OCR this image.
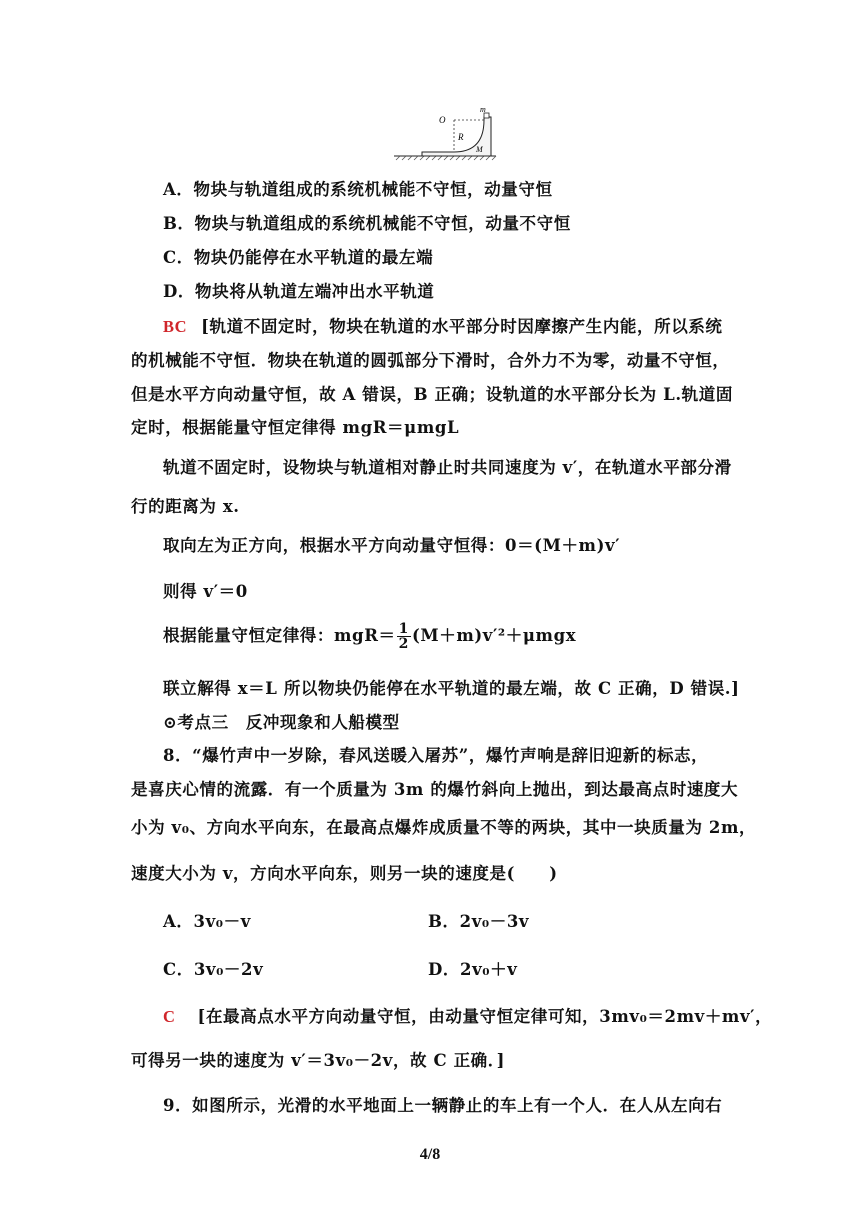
O
m
R
M
A．物块与轨道组成的系统机械能不守恒，动量守恒
B．物块与轨道组成的系统机械能不守恒，动量不守恒
C．物块仍能停在水平轨道的最左端
D．物块将从轨道左端冲出水平轨道
BC [轨道不固定时，物块在轨道的水平部分时因摩擦产生内能，所以系统
的机械能不守恒．物块在轨道的圆弧部分下滑时，合外力不为零，动量不守恒，
但是水平方向动量守恒，故 A 错误，B 正确；设轨道的水平部分长为 L.轨道固
定时，根据能量守恒定律得 mgR＝μmgL
轨道不固定时，设物块与轨道相对静止时共同速度为 v′，在轨道水平部分滑
行的距离为 x.
取向左为正方向，根据水平方向动量守恒得：0＝(M＋m)v′
则得 v′＝0
根据能量守恒定律得：$mgR= \frac{1}{2} (M+m)v'^2+\mu mgx$
联立解得 x＝L 所以物块仍能停在水平轨道的最左端，故 C 正确，D 错误.]
⊙考点三　反冲现象和人船模型
8．“爆竹声中一岁除，春风送暖入屠苏”，爆竹声响是辞旧迎新的标志，
是喜庆心情的流露．有一个质量为 3m 的爆竹斜向上抛出，到达最高点时速度大
小为 v₀、方向水平向东，在最高点爆炸成质量不等的两块，其中一块质量为 2m，
速度大小为 v，方向水平向东，则另一块的速度是(　　)
A．3v₀－v	B．2v₀－3v
C．3v₀－2v	D．2v₀＋v
C [在最高点水平方向动量守恒，由动量守恒定律可知，3mv₀＝2mv＋mv′，
可得另一块的速度为 v′＝3v₀－2v，故 C 正确．]
9．如图所示，光滑的水平地面上一辆静止的车上有一个人．在人从左向右
4/8
